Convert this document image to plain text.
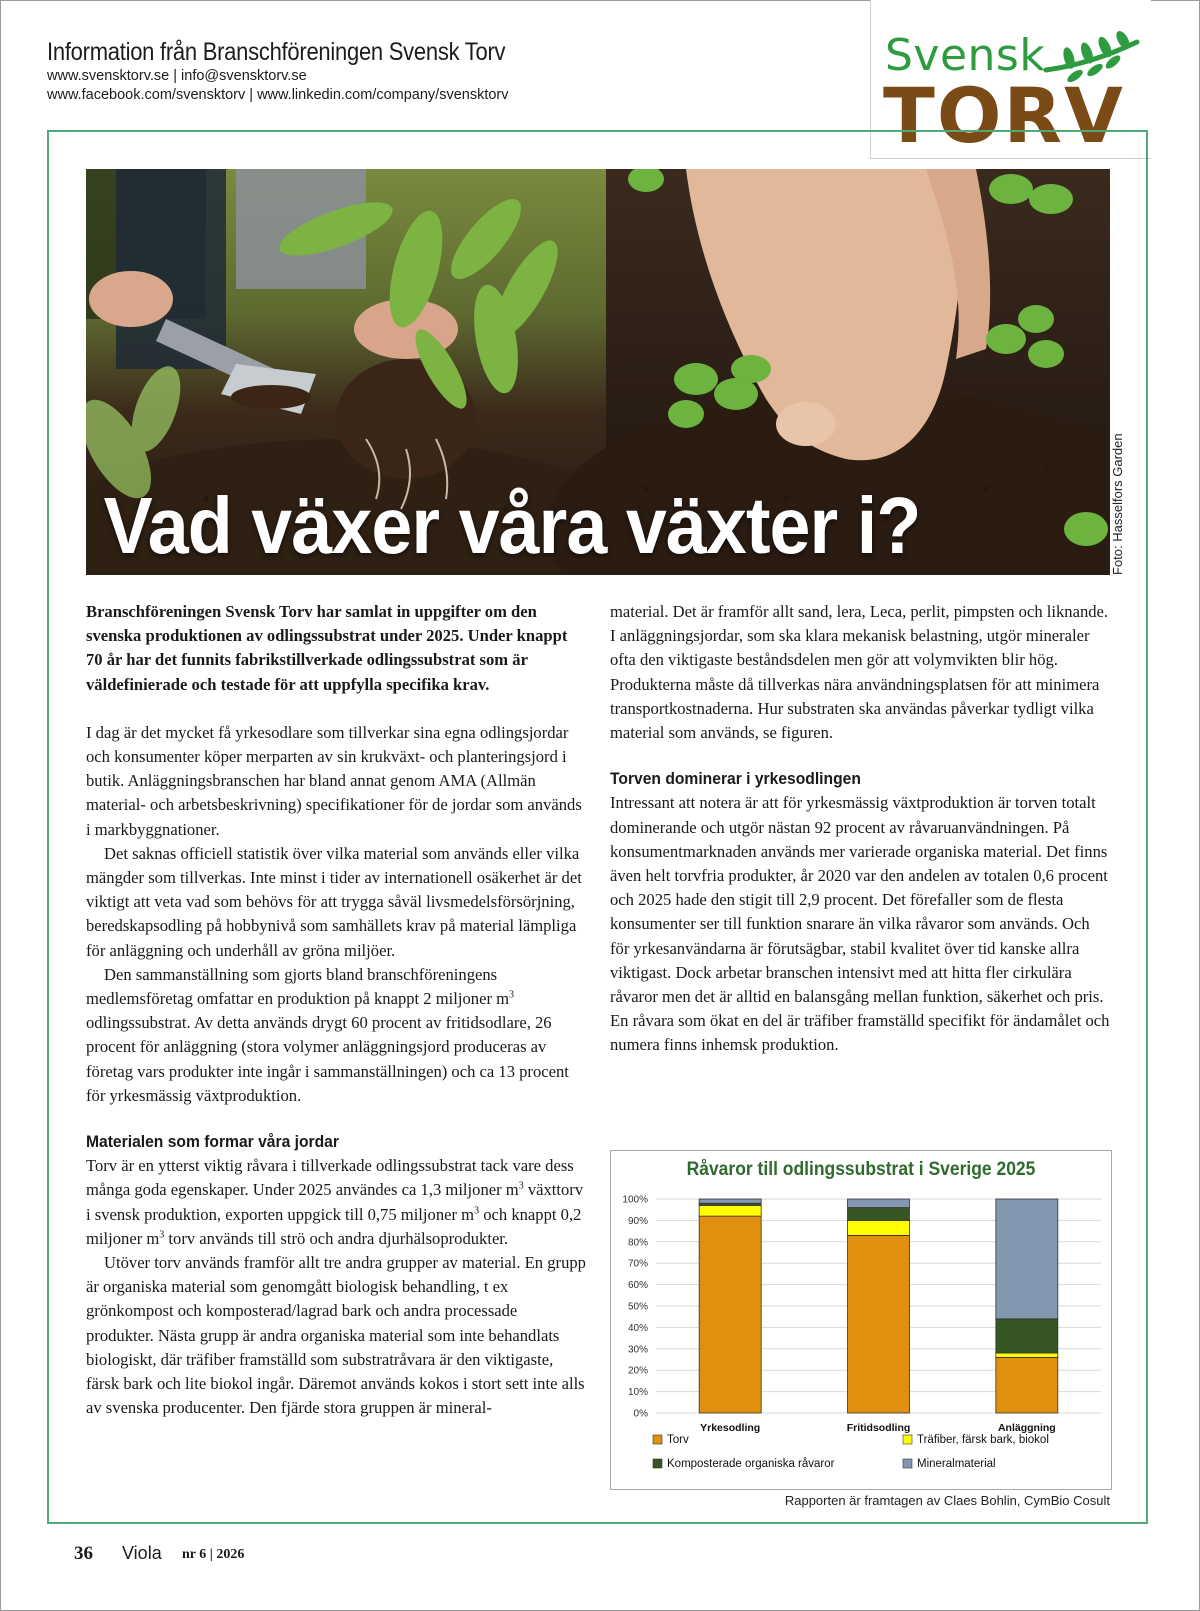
Information från Branschföreningen Svensk Torv
www.svensktorv.se | info@svensktorv.se
www.facebook.com/svensktorv | www.linkedin.com/company/svensktorv
Svensk
TORV
Vad växer våra växter i?	Foto: Hasselfors Garden

Branschföreningen Svensk Torv har samlat in uppgifter om den svenska produktionen av odlingssubstrat under 2025. Under knappt 70 år har det funnits fabrikstillverkade odlingssubstrat som är väldefinierade och testade för att uppfylla specifika krav.

I dag är det mycket få yrkesodlare som tillverkar sina egna odlingsjordar och konsumenter köper merparten av sin krukväxt- och planteringsjord i butik. Anläggningsbranschen har bland annat genom AMA (Allmän material- och arbetsbeskrivning) specifikationer för de jordar som används i markbyggnationer.

Det saknas officiell statistik över vilka material som används eller vilka mängder som tillverkas. Inte minst i tider av internationell osäkerhet är det viktigt att veta vad som behövs för att trygga såväl livsmedelsförsörjning, beredskapsodling på hobbynivå som samhällets krav på material lämpliga för anläggning och underhåll av gröna miljöer.

Den sammanställning som gjorts bland branschföreningens medlemsföretag omfattar en produktion på knappt 2 miljoner $m^3$ odlingssubstrat. Av detta används drygt 60 procent av fritidsodlare, 26 procent för anläggning (stora volymer anläggningsjord produceras av företag vars produkter inte ingår i sammanställningen) och ca 13 procent för yrkesmässig växtproduktion.

Materialen som formar våra jordar

Torv är en ytterst viktig råvara i tillverkade odlingssubstrat tack vare dess många goda egenskaper. Under 2025 användes ca 1,3 miljoner $m^3$ växttorv i svensk produktion, exporten uppgick till 0,75 miljoner $m^3$ och knappt 0,2 miljoner $m^3$ torv används till strö och andra djurhälsoprodukter.

Utöver torv används framför allt tre andra grupper av material. En grupp är organiska material som genomgått biologisk behandling, t ex grönkompost och komposterad/lagrad bark och andra processade produkter. Nästa grupp är andra organiska material som inte behandlats biologiskt, där träfiber framställd som substratråvara är den viktigaste, färsk bark och lite biokol ingår. Däremot används kokos i stort sett inte alls av svenska producenter. Den fjärde stora gruppen är mineral-

material. Det är framför allt sand, lera, Leca, perlit, pimpsten och liknande. I anläggningsjordar, som ska klara mekanisk belastning, utgör mineraler ofta den viktigaste beståndsdelen men gör att volymvikten blir hög. Produkterna måste då tillverkas nära användningsplatsen för att minimera transportkostnaderna. Hur substraten ska användas påverkar tydligt vilka material som används, se figuren.

Torven dominerar i yrkesodlingen

Intressant att notera är att för yrkesmässig växtproduktion är torven totalt dominerande och utgör nästan 92 procent av råvaruanvändningen. På konsumentmarknaden används mer varierade organiska material. Det finns även helt torvfria produkter, år 2020 var den andelen av totalen 0,6 procent och 2025 hade den stigit till 2,9 procent. Det förefaller som de flesta konsumenter ser till funktion snarare än vilka råvaror som används. Och för yrkesanvändarna är förutsägbar, stabil kvalitet över tid kanske allra viktigast. Dock arbetar branschen intensivt med att hitta fler cirkulära råvaror men det är alltid en balansgång mellan funktion, säkerhet och pris. En råvara som ökat en del är träfiber framställd specifikt för ändamålet och numera finns inhemsk produktion.

Råvaror till odlingssubstrat i Sverige 2025
0%
10%
20%
30%
40%
50%
60%
70%
80%
90%
100%
Yrkesodling	Fritidsodling	Anläggning
Torv	Träfiber, färsk bark, biokol
Komposterade organiska råvaror	Mineralmaterial
Rapporten är framtagen av Claes Bohlin, CymBio Cosult
36 Viola nr 6 | 2026
